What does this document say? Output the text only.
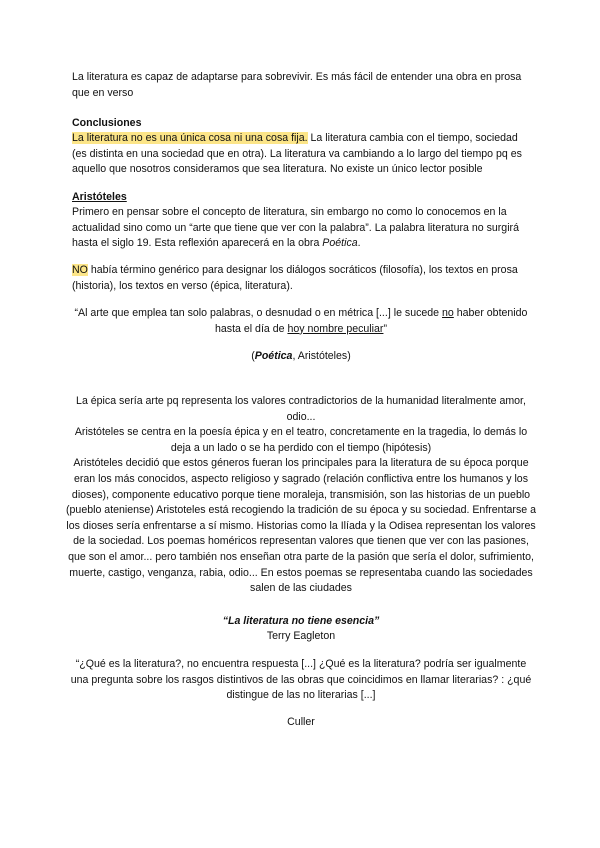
La literatura es capaz de adaptarse para sobrevivir. Es más fácil de entender una obra en prosa que en verso

Conclusiones

La literatura no es una única cosa ni una cosa fija. La literatura cambia con el tiempo, sociedad (es distinta en una sociedad que en otra). La literatura va cambiando a lo largo del tiempo pq es aquello que nosotros consideramos que sea literatura. No existe un único lector posible

Aristóteles

Primero en pensar sobre el concepto de literatura, sin embargo no como lo conocemos en la actualidad sino como un “arte que tiene que ver con la palabra”. La palabra literatura no surgirá hasta el siglo 19. Esta reflexión aparecerá en la obra Poética.

NO había término genérico para designar los diálogos socráticos (filosofía), los textos en prosa (historia), los textos en verso (épica, literatura).

“Al arte que emplea tan solo palabras, o desnudad o en métrica [...] le sucede no haber obtenido hasta el día de hoy nombre peculiar”

(Poética, Aristóteles)

La épica sería arte pq representa los valores contradictorios de la humanidad literalmente amor, odio...
Aristóteles se centra en la poesía épica y en el teatro, concretamente en la tragedia, lo demás lo deja a un lado o se ha perdido con el tiempo (hipótesis)
Aristóteles decidió que estos géneros fueran los principales para la literatura de su época porque eran los más conocidos, aspecto religioso y sagrado (relación conflictiva entre los humanos y los dioses), componente educativo porque tiene moraleja, transmisión, son las historias de un pueblo (pueblo ateniense) Aristoteles está recogiendo la tradición de su época y su sociedad. Enfrentarse a los dioses sería enfrentarse a sí mismo. Historias como la Ilíada y la Odisea representan los valores de la sociedad. Los poemas homéricos representan valores que tienen que ver con las pasiones, que son el amor... pero también nos enseñan otra parte de la pasión que sería el dolor, sufrimiento, muerte, castigo, venganza, rabia, odio... En estos poemas se representaba cuando las sociedades salen de las ciudades

“La literatura no tiene esencia”

Terry Eagleton

“¿Qué es la literatura?, no encuentra respuesta [...] ¿Qué es la literatura? podría ser igualmente una pregunta sobre los rasgos distintivos de las obras que coincidimos en llamar literarias? : ¿qué distingue de las no literarias [...]

Culler
